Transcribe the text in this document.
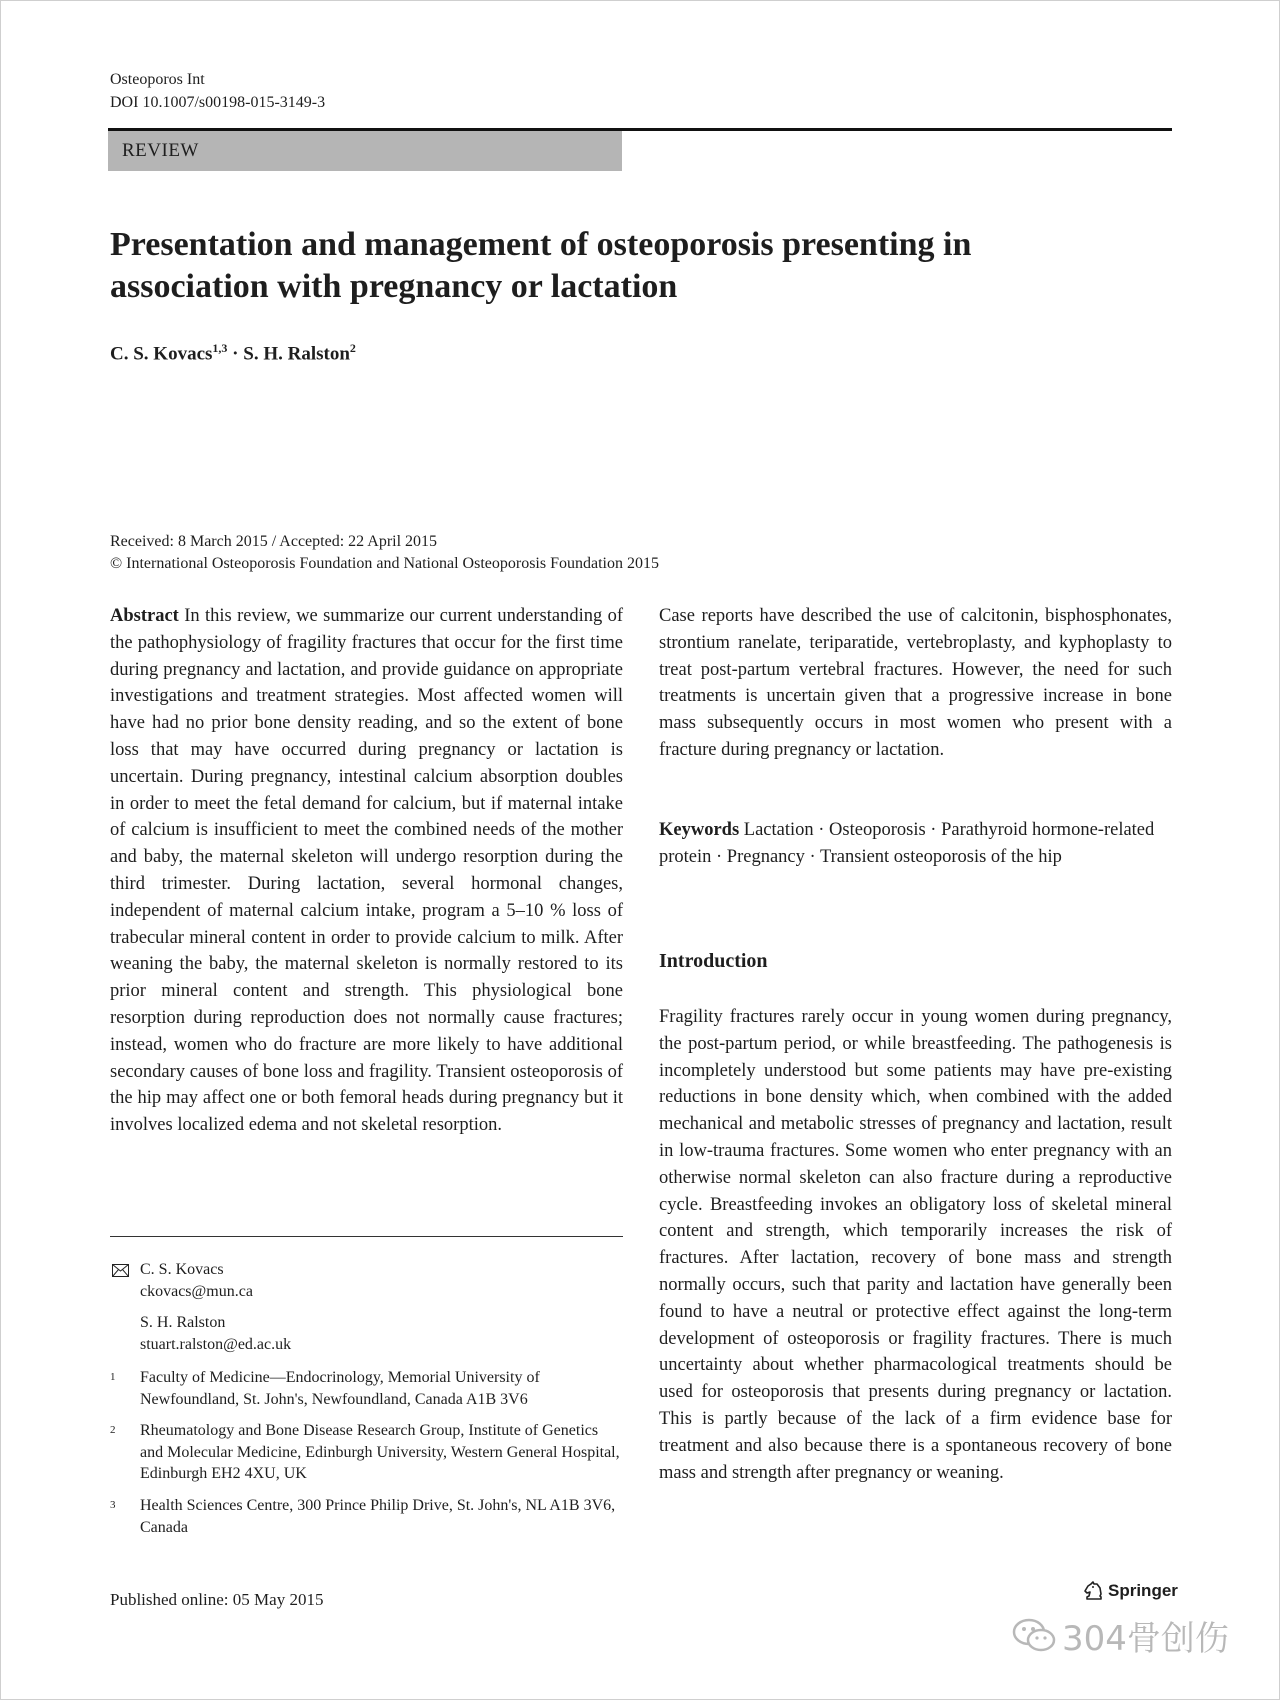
Osteoporos Int
DOI 10.1007/s00198-015-3149-3
REVIEW
Presentation and management of osteoporosis presenting in association with pregnancy or lactation
C. S. Kovacs$^{1,3}$ · S. H. Ralston$^2$
Received: 8 March 2015 / Accepted: 22 April 2015
© International Osteoporosis Foundation and National Osteoporosis Foundation 2015
Abstract In this review, we summarize our current understanding of the pathophysiology of fragility fractures that occur for the first time during pregnancy and lactation, and provide guidance on appropriate investigations and treatment strategies. Most affected women will have had no prior bone density reading, and so the extent of bone loss that may have occurred during pregnancy or lactation is uncertain. During pregnancy, intestinal calcium absorption doubles in order to meet the fetal demand for calcium, but if maternal intake of calcium is insufficient to meet the combined needs of the mother and baby, the maternal skeleton will undergo resorption during the third trimester. During lactation, several hormonal changes, independent of maternal calcium intake, program a 5–10 % loss of trabecular mineral content in order to provide calcium to milk. After weaning the baby, the maternal skeleton is normally restored to its prior mineral content and strength. This physiological bone resorption during reproduction does not normally cause fractures; instead, women who do fracture are more likely to have additional secondary causes of bone loss and fragility. Transient osteoporosis of the hip may affect one or both femoral heads during pregnancy but it involves localized edema and not skeletal resorption.
Case reports have described the use of calcitonin, bisphosphonates, strontium ranelate, teriparatide, vertebroplasty, and kyphoplasty to treat post-partum vertebral fractures. However, the need for such treatments is uncertain given that a progressive increase in bone mass subsequently occurs in most women who present with a fracture during pregnancy or lactation.
Keywords Lactation · Osteoporosis · Parathyroid hormone-related protein · Pregnancy · Transient osteoporosis of the hip
Introduction
Fragility fractures rarely occur in young women during pregnancy, the post-partum period, or while breastfeeding. The pathogenesis is incompletely understood but some patients may have pre-existing reductions in bone density which, when combined with the added mechanical and metabolic stresses of pregnancy and lactation, result in low-trauma fractures. Some women who enter pregnancy with an otherwise normal skeleton can also fracture during a reproductive cycle. Breastfeeding invokes an obligatory loss of skeletal mineral content and strength, which temporarily increases the risk of fractures. After lactation, recovery of bone mass and strength normally occurs, such that parity and lactation have generally been found to have a neutral or protective effect against the long-term development of osteoporosis or fragility fractures. There is much uncertainty about whether pharmacological treatments should be used for osteoporosis that presents during pregnancy or lactation. This is partly because of the lack of a firm evidence base for treatment and also because there is a spontaneous recovery of bone mass and strength after pregnancy or weaning.
C. S. Kovacs
ckovacs@mun.ca
S. H. Ralston
stuart.ralston@ed.ac.uk
1 Faculty of Medicine—Endocrinology, Memorial University of Newfoundland, St. John's, Newfoundland, Canada A1B 3V6
2 Rheumatology and Bone Disease Research Group, Institute of Genetics and Molecular Medicine, Edinburgh University, Western General Hospital, Edinburgh EH2 4XU, UK
3 Health Sciences Centre, 300 Prince Philip Drive, St. John's, NL A1B 3V6, Canada
Published online: 05 May 2015	Springer
304骨创伤
